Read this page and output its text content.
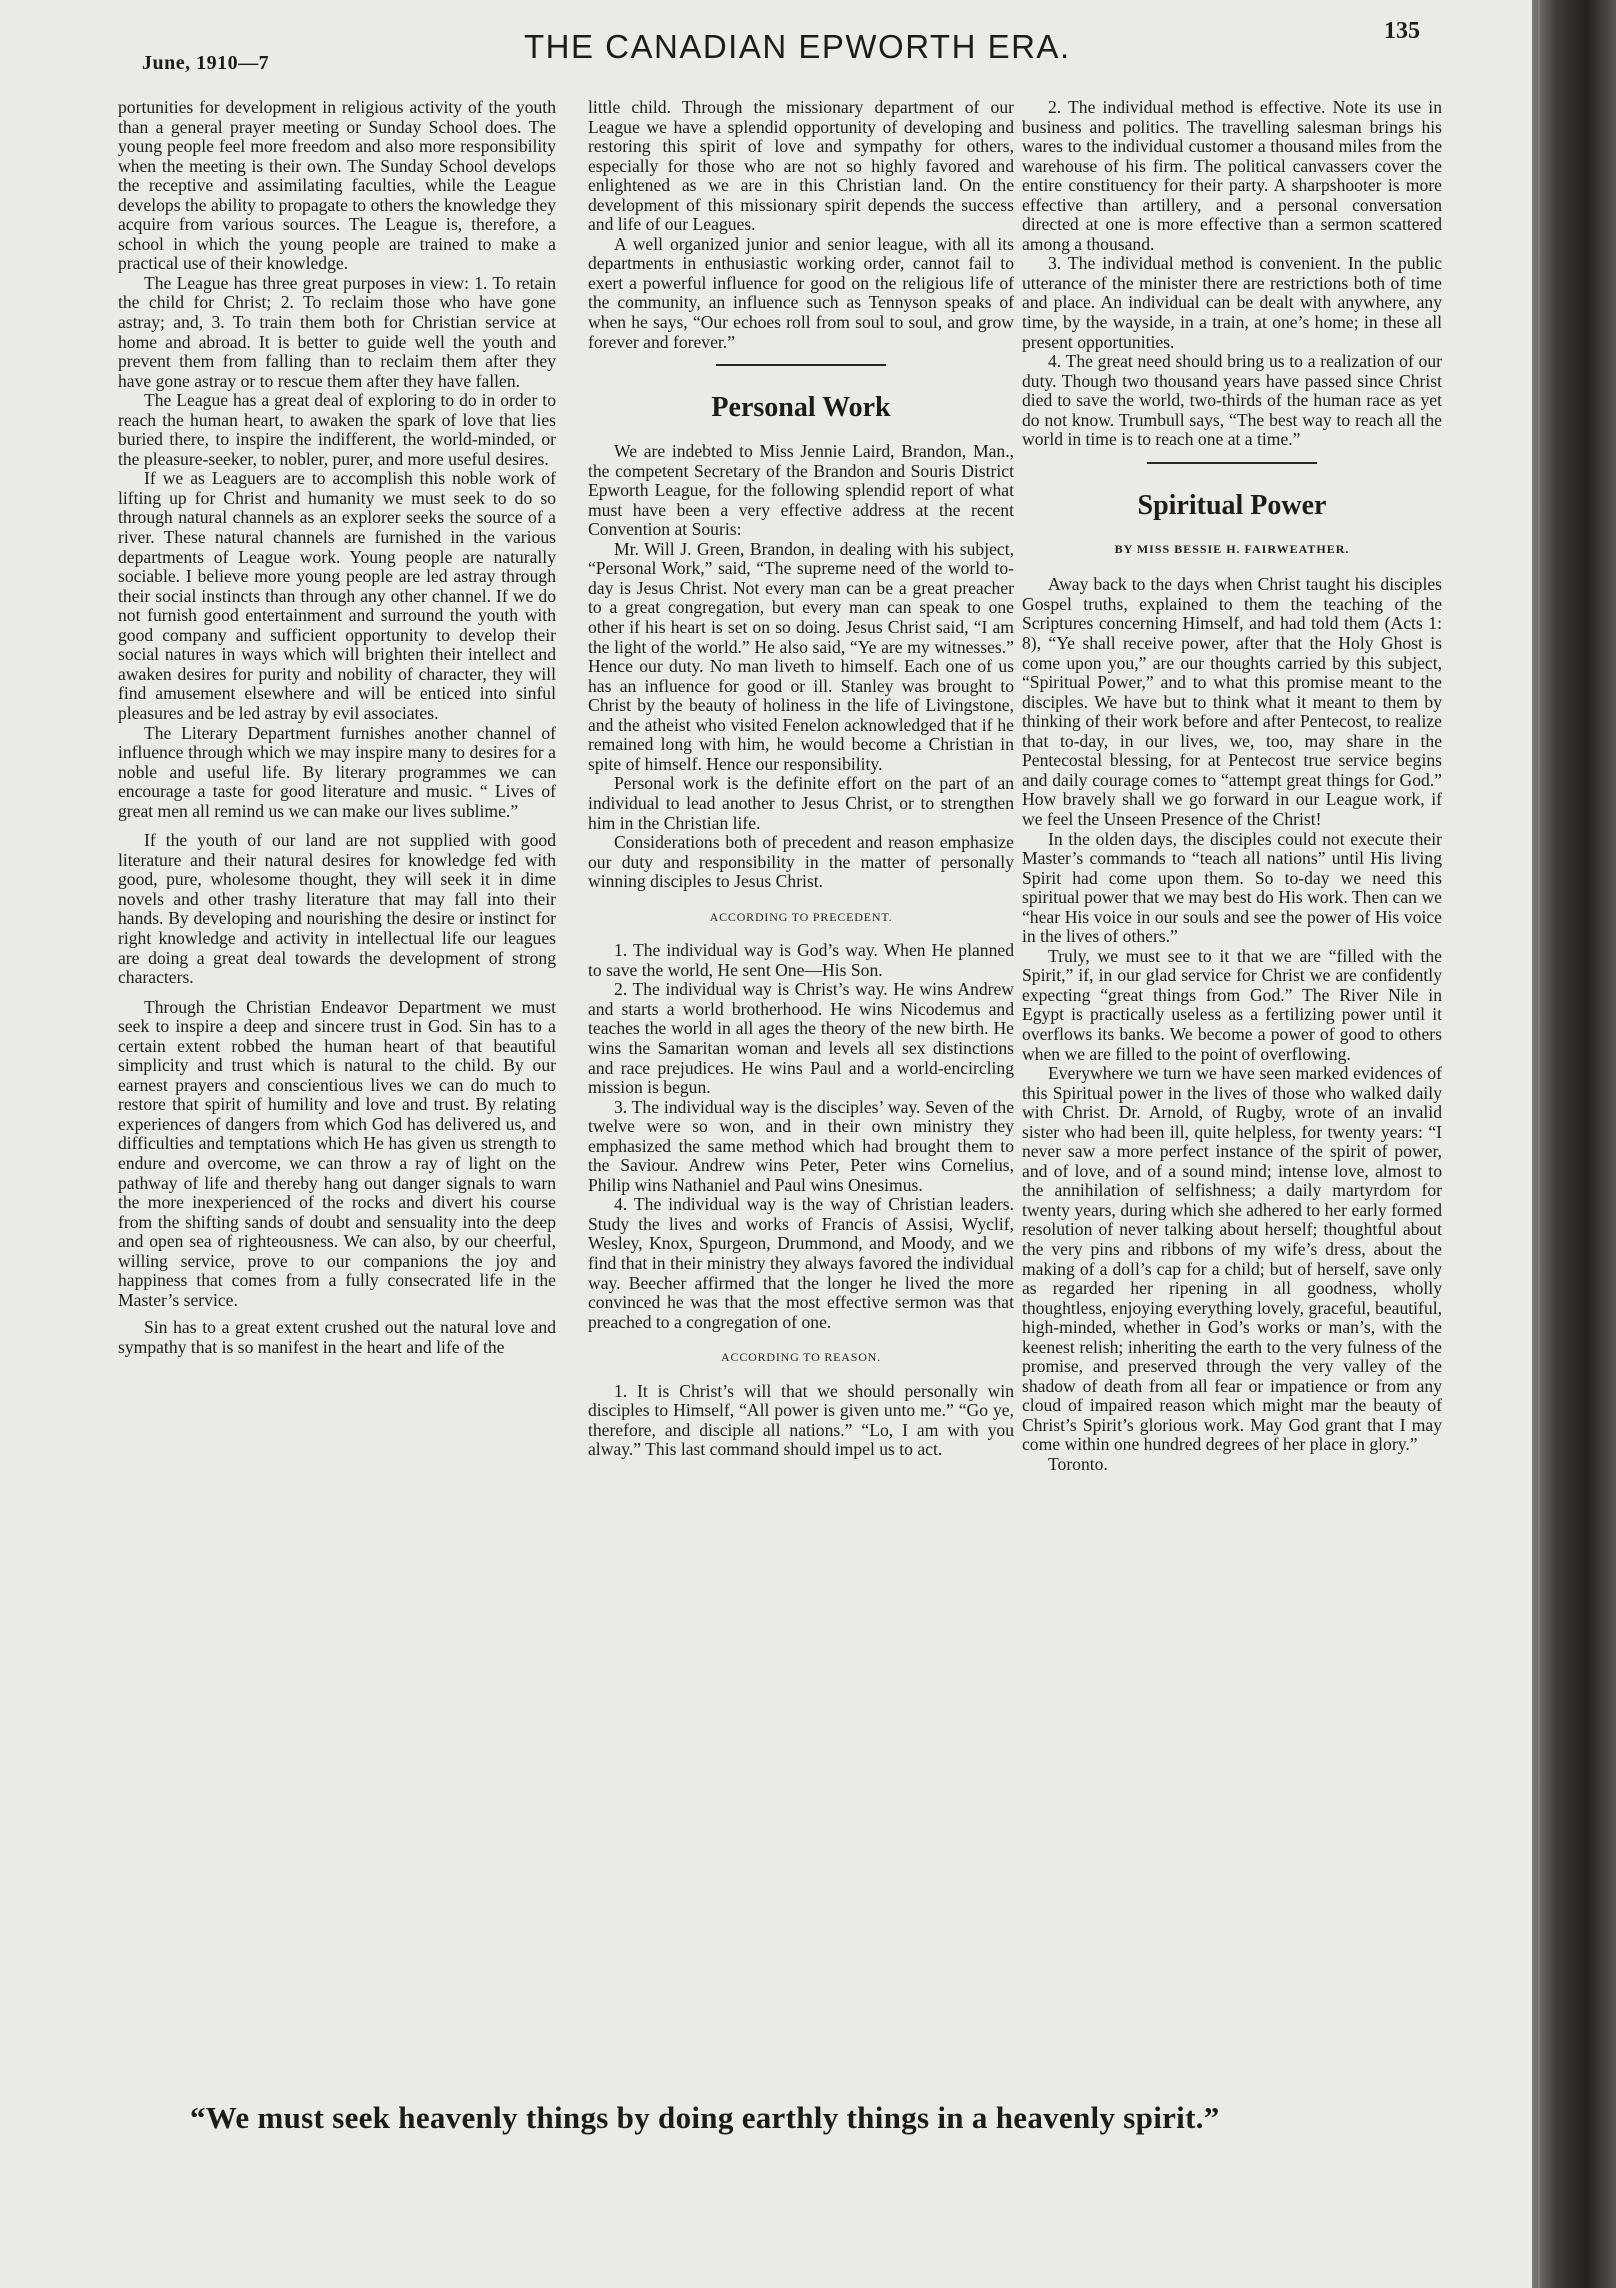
June, 1910—7	THE CANADIAN EPWORTH ERA.	135

portunities for development in religious activity of the youth than a general prayer meeting or Sunday School does. The young people feel more freedom and also more responsibility when the meeting is their own. The Sunday School develops the receptive and assimilating faculties, while the League develops the ability to propagate to others the knowledge they acquire from various sources. The League is, therefore, a school in which the young people are trained to make a practical use of their knowledge.

The League has three great purposes in view: 1. To retain the child for Christ; 2. To reclaim those who have gone astray; and, 3. To train them both for Christian service at home and abroad. It is better to guide well the youth and prevent them from falling than to reclaim them after they have gone astray or to rescue them after they have fallen.

The League has a great deal of exploring to do in order to reach the human heart, to awaken the spark of love that lies buried there, to inspire the indifferent, the world-minded, or the pleasure-seeker, to nobler, purer, and more useful desires.

If we as Leaguers are to accomplish this noble work of lifting up for Christ and humanity we must seek to do so through natural channels as an explorer seeks the source of a river. These natural channels are furnished in the various departments of League work. Young people are naturally sociable. I believe more young people are led astray through their social instincts than through any other channel. If we do not furnish good entertainment and surround the youth with good company and sufficient opportunity to develop their social natures in ways which will brighten their intellect and awaken desires for purity and nobility of character, they will find amusement elsewhere and will be enticed into sinful pleasures and be led astray by evil associates.

The Literary Department furnishes another channel of influence through which we may inspire many to desires for a noble and useful life. By literary programmes we can encourage a taste for good literature and music. “ Lives of great men all remind us we can make our lives sublime.”

If the youth of our land are not supplied with good literature and their natural desires for knowledge fed with good, pure, wholesome thought, they will seek it in dime novels and other trashy literature that may fall into their hands. By developing and nourishing the desire or instinct for right knowledge and activity in intellectual life our leagues are doing a great deal towards the development of strong characters.

Through the Christian Endeavor Department we must seek to inspire a deep and sincere trust in God. Sin has to a certain extent robbed the human heart of that beautiful simplicity and trust which is natural to the child. By our earnest prayers and conscientious lives we can do much to restore that spirit of humility and love and trust. By relating experiences of dangers from which God has delivered us, and difficulties and temptations which He has given us strength to endure and overcome, we can throw a ray of light on the pathway of life and thereby hang out danger signals to warn the more inexperienced of the rocks and divert his course from the shifting sands of doubt and sensuality into the deep and open sea of righteousness. We can also, by our cheerful, willing service, prove to our companions the joy and happiness that comes from a fully consecrated life in the Master’s service.

Sin has to a great extent crushed out the natural love and sympathy that is so manifest in the heart and life of the

little child. Through the missionary department of our League we have a splendid opportunity of developing and restoring this spirit of love and sympathy for others, especially for those who are not so highly favored and enlightened as we are in this Christian land. On the development of this missionary spirit depends the success and life of our Leagues.

A well organized junior and senior league, with all its departments in enthusiastic working order, cannot fail to exert a powerful influence for good on the religious life of the community, an influence such as Tennyson speaks of when he says, “Our echoes roll from soul to soul, and grow forever and forever.”

Personal Work

We are indebted to Miss Jennie Laird, Brandon, Man., the competent Secretary of the Brandon and Souris District Epworth League, for the following splendid report of what must have been a very effective address at the recent Convention at Souris:

Mr. Will J. Green, Brandon, in dealing with his subject, “Personal Work,” said, “The supreme need of the world to-day is Jesus Christ. Not every man can be a great preacher to a great congregation, but every man can speak to one other if his heart is set on so doing. Jesus Christ said, “I am the light of the world.” He also said, “Ye are my witnesses.” Hence our duty. No man liveth to himself. Each one of us has an influence for good or ill. Stanley was brought to Christ by the beauty of holiness in the life of Livingstone, and the atheist who visited Fenelon acknowledged that if he remained long with him, he would become a Christian in spite of himself. Hence our responsibility.

Personal work is the definite effort on the part of an individual to lead another to Jesus Christ, or to strengthen him in the Christian life.

Considerations both of precedent and reason emphasize our duty and responsibility in the matter of personally winning disciples to Jesus Christ.

ACCORDING TO PRECEDENT.

1. The individual way is God’s way. When He planned to save the world, He sent One—His Son.

2. The individual way is Christ’s way. He wins Andrew and starts a world brotherhood. He wins Nicodemus and teaches the world in all ages the theory of the new birth. He wins the Samaritan woman and levels all sex distinctions and race prejudices. He wins Paul and a world-encircling mission is begun.

3. The individual way is the disciples’ way. Seven of the twelve were so won, and in their own ministry they emphasized the same method which had brought them to the Saviour. Andrew wins Peter, Peter wins Cornelius, Philip wins Nathaniel and Paul wins Onesimus.

4. The individual way is the way of Christian leaders. Study the lives and works of Francis of Assisi, Wyclif, Wesley, Knox, Spurgeon, Drummond, and Moody, and we find that in their ministry they always favored the individual way. Beecher affirmed that the longer he lived the more convinced he was that the most effective sermon was that preached to a congregation of one.

ACCORDING TO REASON.

1. It is Christ’s will that we should personally win disciples to Himself, “All power is given unto me.” “Go ye, therefore, and disciple all nations.” “Lo, I am with you alway.” This last command should impel us to act.

2. The individual method is effective. Note its use in business and politics. The travelling salesman brings his wares to the individual customer a thousand miles from the warehouse of his firm. The political canvassers cover the entire constituency for their party. A sharpshooter is more effective than artillery, and a personal conversation directed at one is more effective than a sermon scattered among a thousand.

3. The individual method is convenient. In the public utterance of the minister there are restrictions both of time and place. An individual can be dealt with anywhere, any time, by the wayside, in a train, at one’s home; in these all present opportunities.

4. The great need should bring us to a realization of our duty. Though two thousand years have passed since Christ died to save the world, two-thirds of the human race as yet do not know. Trumbull says, “The best way to reach all the world in time is to reach one at a time.”

Spiritual Power
BY MISS BESSIE H. FAIRWEATHER.

Away back to the days when Christ taught his disciples Gospel truths, explained to them the teaching of the Scriptures concerning Himself, and had told them (Acts 1: 8), “Ye shall receive power, after that the Holy Ghost is come upon you,” are our thoughts carried by this subject, “Spiritual Power,” and to what this promise meant to the disciples. We have but to think what it meant to them by thinking of their work before and after Pentecost, to realize that to-day, in our lives, we, too, may share in the Pentecostal blessing, for at Pentecost true service begins and daily courage comes to “attempt great things for God.” How bravely shall we go forward in our League work, if we feel the Unseen Presence of the Christ!

In the olden days, the disciples could not execute their Master’s commands to “teach all nations” until His living Spirit had come upon them. So to-day we need this spiritual power that we may best do His work. Then can we “hear His voice in our souls and see the power of His voice in the lives of others.”

Truly, we must see to it that we are “filled with the Spirit,” if, in our glad service for Christ we are confidently expecting “great things from God.” The River Nile in Egypt is practically useless as a fertilizing power until it overflows its banks. We become a power of good to others when we are filled to the point of overflowing.

Everywhere we turn we have seen marked evidences of this Spiritual power in the lives of those who walked daily with Christ. Dr. Arnold, of Rugby, wrote of an invalid sister who had been ill, quite helpless, for twenty years: “I never saw a more perfect instance of the spirit of power, and of love, and of a sound mind; intense love, almost to the annihilation of selfishness; a daily martyrdom for twenty years, during which she adhered to her early formed resolution of never talking about herself; thoughtful about the very pins and ribbons of my wife’s dress, about the making of a doll’s cap for a child; but of herself, save only as regarded her ripening in all goodness, wholly thoughtless, enjoying everything lovely, graceful, beautiful, high-minded, whether in God’s works or man’s, with the keenest relish; inheriting the earth to the very fulness of the promise, and preserved through the very valley of the shadow of death from all fear or impatience or from any cloud of impaired reason which might mar the beauty of Christ’s Spirit’s glorious work. May God grant that I may come within one hundred degrees of her place in glory.”

Toronto.

“We must seek heavenly things by doing earthly things in a heavenly spirit.”
